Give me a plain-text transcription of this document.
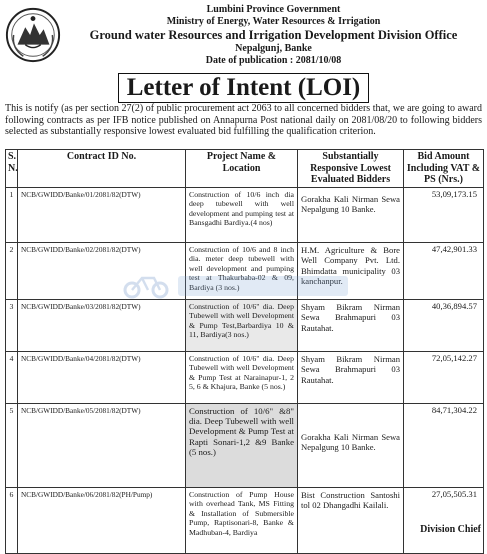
Lumbini Province Government
Ministry of Energy, Water Resources & Irrigation
Ground water Resources and Irrigation Development Division Office
Nepalgunj, Banke
Date of publication : 2081/10/08
Letter of Intent (LOI)
This is notify (as per section 27(2) of public procurement act 2063 to all concerned bidders that, we are going to award following contracts as per IFB notice published on Annapurna Post national daily on 2081/08/20 to following bidders selected as substantially responsive lowest evaluated bid fulfilling the qualification criterion.
S. N.	Contract ID No.	Project Name & Location	Substantially Responsive Lowest Evaluated Bidders	Bid Amount Including VAT & PS (Nrs.)
1	NCB/GWIDD/Banke/01/2081/82(DTW)	Construction of 10/6 inch dia deep tubewell with well development and pumping test at Bansgadhi Bardiya.(4 nos)	Gorakha Kali Nirman Sewa Nepalgung 10 Banke.	53,09,173.15
2	NCB/GWIDD/Banke/02/2081/82(DTW)	Construction of 10/6 and 8 inch dia. meter deep tubewell with well development and pumping test at Thakurbaba-02 & 09, Bardiya (3 nos.)	H.M. Agriculture & Bore Well Company Pvt. Ltd. Bhimdatta municipality 03 kanchanpur.	47,42,901.33
3	NCB/GWIDD/Banke/03/2081/82(DTW)	Construction of 10/6" dia. Deep Tubewell with well Development & Pump Test,Barbardiya 10 & 11, Bardiya(3 nos.)	Shyam Bikram Nirman Sewa Brahmapuri 03 Rautahat.	40,36,894.57
4	NCB/GWIDD/Banke/04/2081/82(DTW)	Construction of 10/6" dia. Deep Tubewell with well Development & Pump Test at Narainapur-1, 2 5, 6 & Khajura, Banke (5 nos.)	Shyam Bikram Nirman Sewa Brahmapuri 03 Rautahat.	72,05,142.27
5	NCB/GWIDD/Banke/05/2081/82(DTW)	Construction of 10/6" &8" dia. Deep Tubewell with well Development & Pump Test at Rapti Sonari-1,2 &9 Banke (5 nos.)	Gorakha Kali Nirman Sewa Nepalgung 10 Banke.	84,71,304.22
6	NCB/GWIDD/Banke/06/2081/82(PH/Pump)	Construction of Pump House with overhead Tank, MS Fitting & Installation of Submersible Pump, Raptisonari-8, Banke & Madhuban-4, Bardiya	Bist Construction Santoshi tol 02 Dhangadhi Kailali.	27,05,505.31
Division Chief
